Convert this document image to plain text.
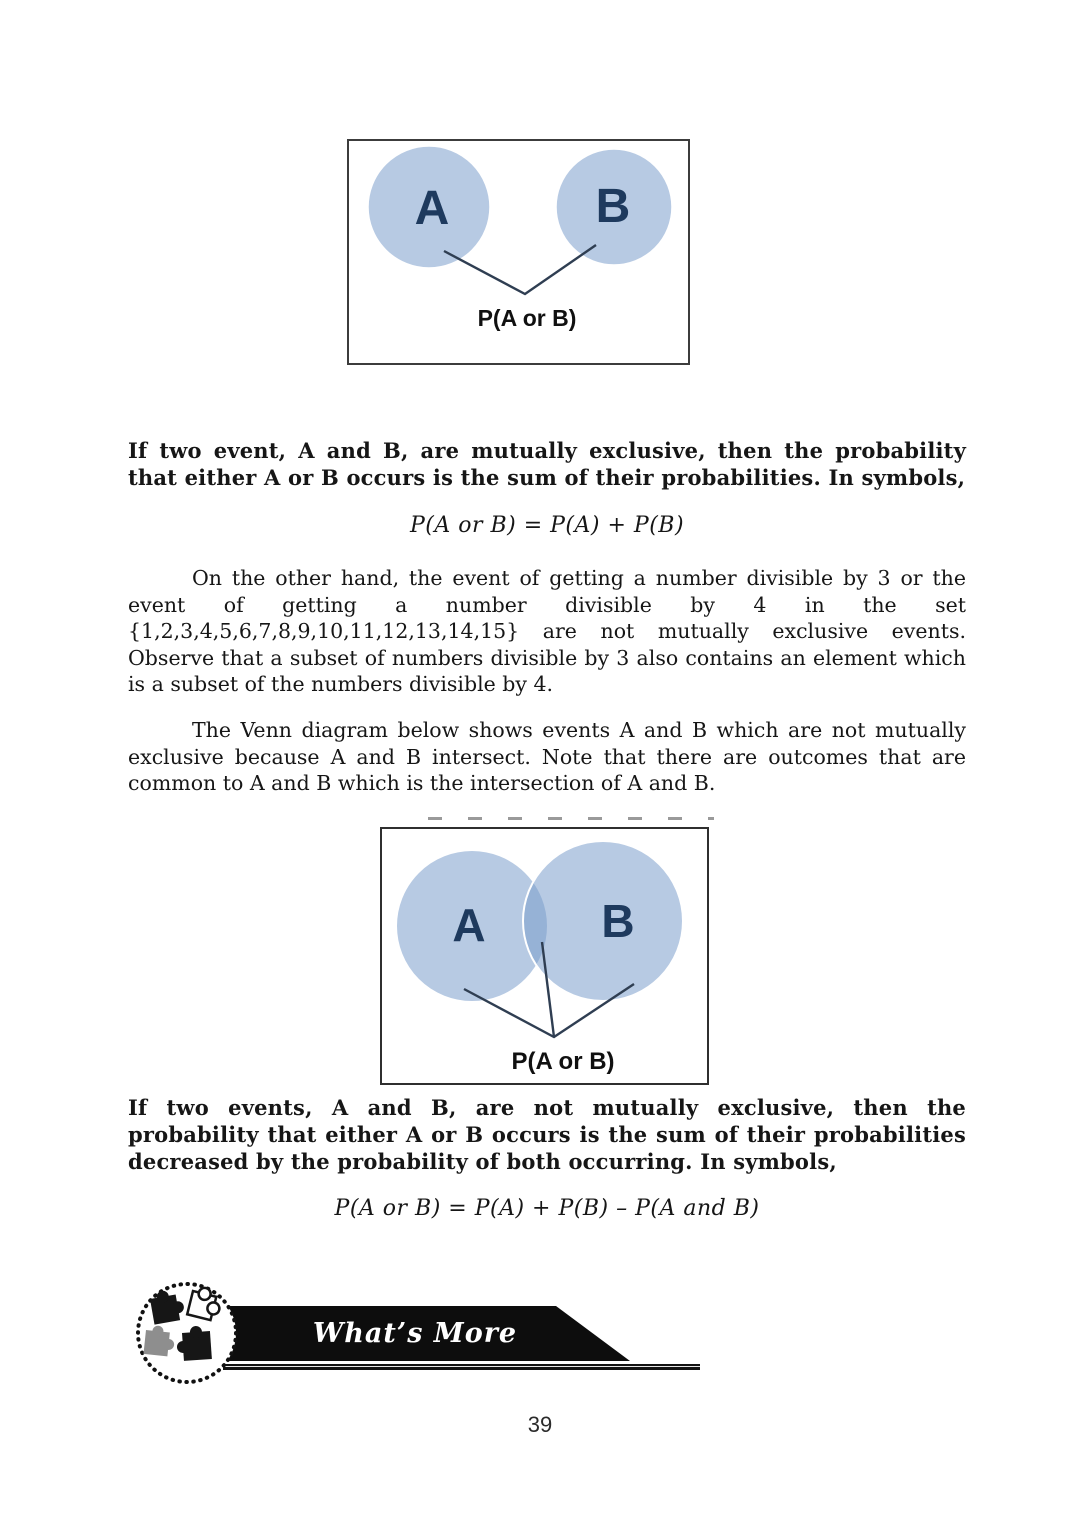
A	B
P(A or B)

If two event, A and B, are mutually exclusive, then the probability that either A or B occurs is the sum of their probabilities. In symbols,

P(A or B) = P(A) + P(B)

On the other hand, the event of getting a number divisible by 3 or the event of getting a number divisible by 4 in the set {1,2,3,4,5,6,7,8,9,10,11,12,13,14,15} are not mutually exclusive events. Observe that a subset of numbers divisible by 3 also contains an element which is a subset of the numbers divisible by 4.

The Venn diagram below shows events A and B which are not mutually exclusive because A and B intersect. Note that there are outcomes that are common to A and B which is the intersection of A and B.

A	B
P(A or B)

If two events, A and B, are not mutually exclusive, then the probability that either A or B occurs is the sum of their probabilities decreased by the probability of both occurring. In symbols,

P(A or B) = P(A) + P(B) – P(A and B)

What’s More
39
